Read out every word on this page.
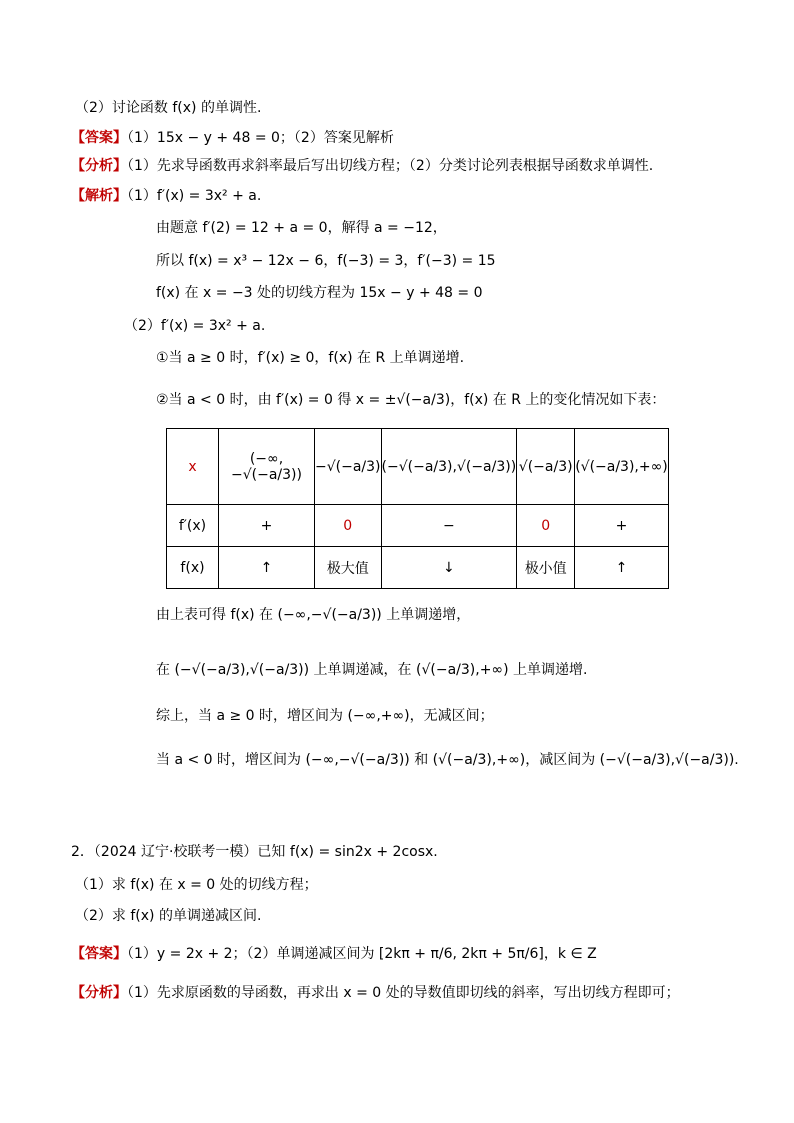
（2）讨论函数 f(x) 的单调性.
【答案】（1）15x − y + 48 = 0；（2）答案见解析
【分析】（1）先求导函数再求斜率最后写出切线方程；（2）分类讨论列表根据导函数求单调性.
【解析】（1）f′(x) = 3x² + a.
由题意 f′(2) = 12 + a = 0，解得 a = −12，
所以 f(x) = x³ − 12x − 6，f(−3) = 3，f′(−3) = 15
f(x) 在 x = −3 处的切线方程为 15x − y + 48 = 0
（2）f′(x) = 3x² + a.
①当 a ≥ 0 时，f′(x) ≥ 0，f(x) 在 R 上单调递增.
②当 a < 0 时，由 f′(x) = 0 得 x = ±√(−a/3)，f(x) 在 R 上的变化情况如下表：
x	(−∞,−√(−a/3))	−√(−a/3)	(−√(−a/3),√(−a/3))	√(−a/3)	(√(−a/3),+∞)
f′(x)	+	0	−	0	+
f(x)	↑	极大值	↓	极小值	↑
由上表可得 f(x) 在 (−∞,−√(−a/3)) 上单调递增，
在 (−√(−a/3),√(−a/3)) 上单调递减，在 (√(−a/3),+∞) 上单调递增.
综上，当 a ≥ 0 时，增区间为 (−∞,+∞)，无减区间；
当 a < 0 时，增区间为 (−∞,−√(−a/3)) 和 (√(−a/3),+∞)，减区间为 (−√(−a/3),√(−a/3)).
2．（2024 辽宁·校联考一模）已知 f(x) = sin2x + 2cosx.
（1）求 f(x) 在 x = 0 处的切线方程；
（2）求 f(x) 的单调递减区间.
【答案】（1）y = 2x + 2；（2）单调递减区间为 [2kπ + π/6, 2kπ + 5π/6]，k ∈ Z
【分析】（1）先求原函数的导函数，再求出 x = 0 处的导数值即切线的斜率，写出切线方程即可；
